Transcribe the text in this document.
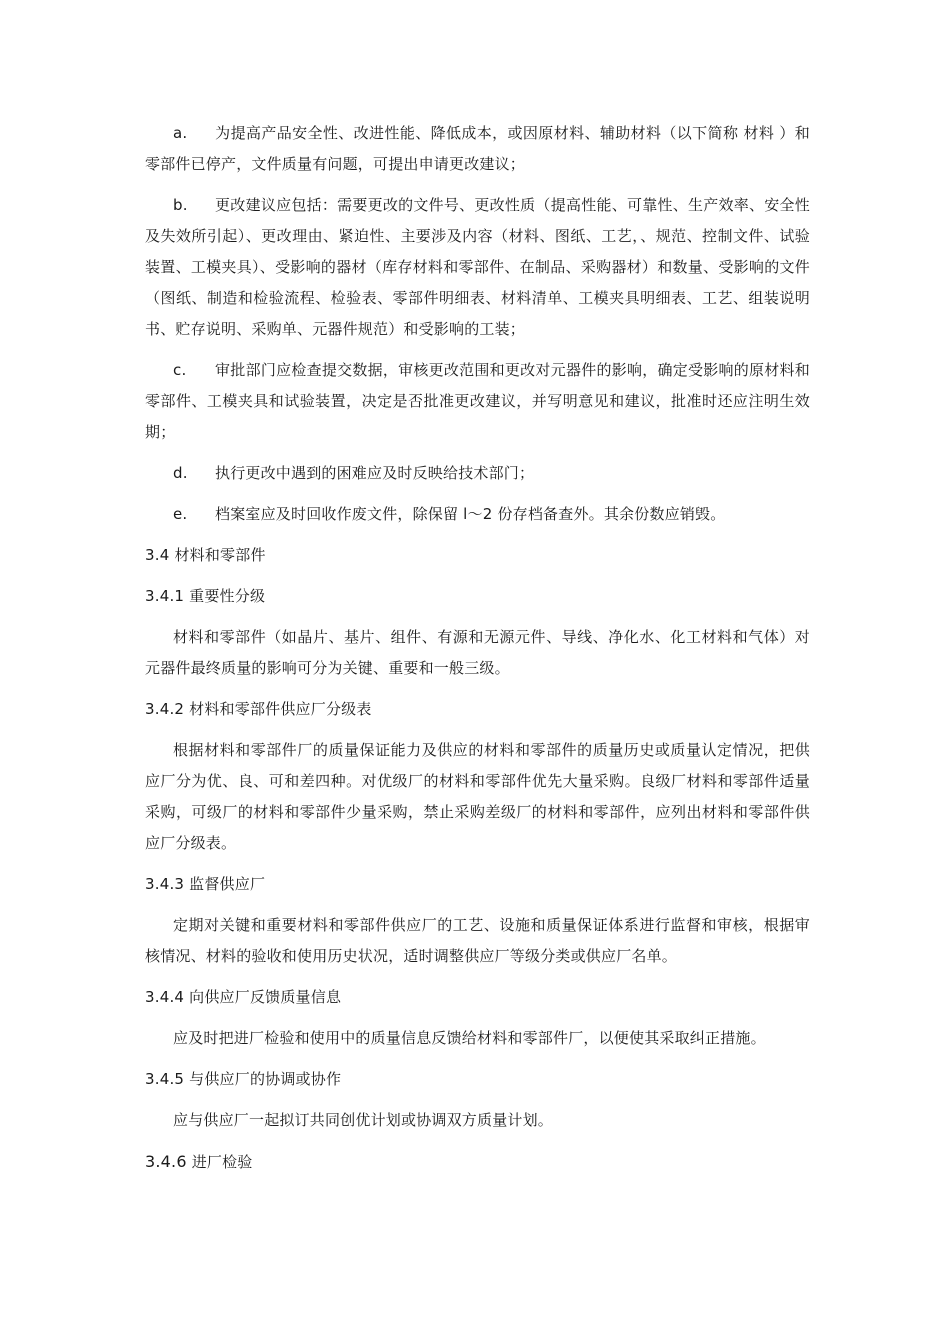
a. 为提高产品安全性、改进性能、降低成本，或因原材料、辅助材料（以下简称 材料 ）和零部件已停产，文件质量有问题，可提出申请更改建议；

b. 更改建议应包括：需要更改的文件号、更改性质（提高性能、可靠性、生产效率、安全性及失效所引起）、更改理由、紧迫性、主要涉及内容（材料、图纸、工艺，、规范、控制文件、试验装置、工模夹具）、受影响的器材（库存材料和零部件、在制品、采购器材）和数量、受影响的文件（图纸、制造和检验流程、检验表、零部件明细表、材料清单、工模夹具明细表、工艺、组装说明书、贮存说明、采购单、元器件规范）和受影响的工装；

c. 审批部门应检查提交数据，审核更改范围和更改对元器件的影响，确定受影响的原材料和零部件、工模夹具和试验装置，决定是否批准更改建议，并写明意见和建议，批准时还应注明生效期；

d. 执行更改中遇到的困难应及时反映给技术部门；

e. 档案室应及时回收作废文件，除保留 l～2 份存档备查外。其余份数应销毁。

3.4 材料和零部件
3.4.1 重要性分级

材料和零部件（如晶片、基片、组件、有源和无源元件、导线、净化水、化工材料和气体）对元器件最终质量的影响可分为关键、重要和一般三级。

3.4.2 材料和零部件供应厂分级表

根据材料和零部件厂的质量保证能力及供应的材料和零部件的质量历史或质量认定情况，把供应厂分为优、良、可和差四种。对优级厂的材料和零部件优先大量采购。良级厂材料和零部件适量采购，可级厂的材料和零部件少量采购，禁止采购差级厂的材料和零部件，应列出材料和零部件供应厂分级表。

3.4.3 监督供应厂

定期对关键和重要材料和零部件供应厂的工艺、设施和质量保证体系进行监督和审核，根据审核情况、材料的验收和使用历史状况，适时调整供应厂等级分类或供应厂名单。

3.4.4 向供应厂反馈质量信息

应及时把进厂检验和使用中的质量信息反馈给材料和零部件厂，以便使其采取纠正措施。

3.4.5 与供应厂的协调或协作

应与供应厂一起拟订共同创优计划或协调双方质量计划。

3.4.6 进厂检验
